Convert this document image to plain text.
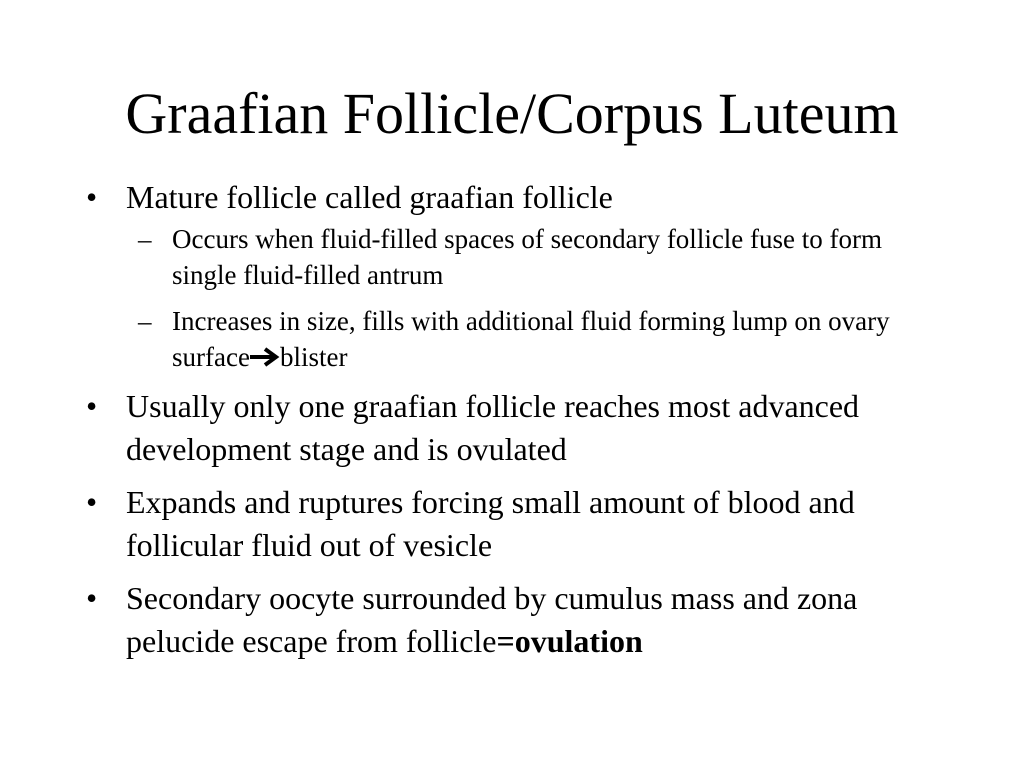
Graafian Follicle/Corpus Luteum
• Mature follicle called graafian follicle
– Occurs when fluid-filled spaces of secondary follicle fuse to form single fluid-filled antrum
– Increases in size, fills with additional fluid forming lump on ovary surface blister
• Usually only one graafian follicle reaches most advanced development stage and is ovulated
• Expands and ruptures forcing small amount of blood and follicular fluid out of vesicle
• Secondary oocyte surrounded by cumulus mass and zona pelucide escape from follicle=ovulation
